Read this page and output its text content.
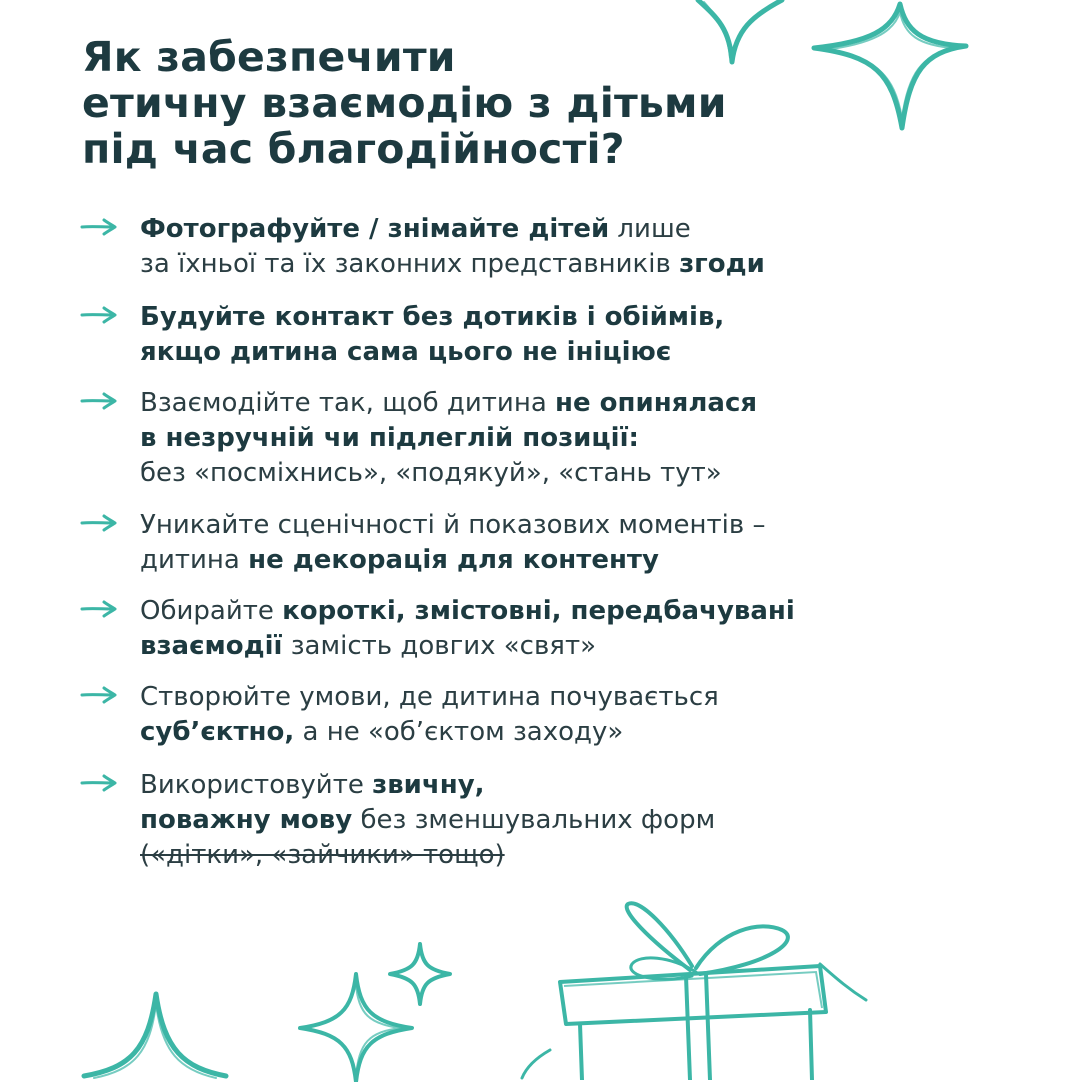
Як забезпечити
етичну взаємодію з дітьми
під час благодійності?
Фотографуйте / знімайте дітей лише
за їхньої та їх законних представників згоди
Будуйте контакт без дотиків і обіймів,
якщо дитина сама цього не ініціює
Взаємодійте так, щоб дитина не опинялася
в незручній чи підлеглій позиції:
без «посміхнись», «подякуй», «стань тут»
Уникайте сценічності й показових моментів –
дитина не декорація для контенту
Обирайте короткі, змістовні, передбачувані
взаємодії замість довгих «свят»
Створюйте умови, де дитина почувається
суб’єктно, а не «об’єктом заходу»
Використовуйте звичну,
поважну мову без зменшувальних форм
(«дітки», «зайчики» тощо)
